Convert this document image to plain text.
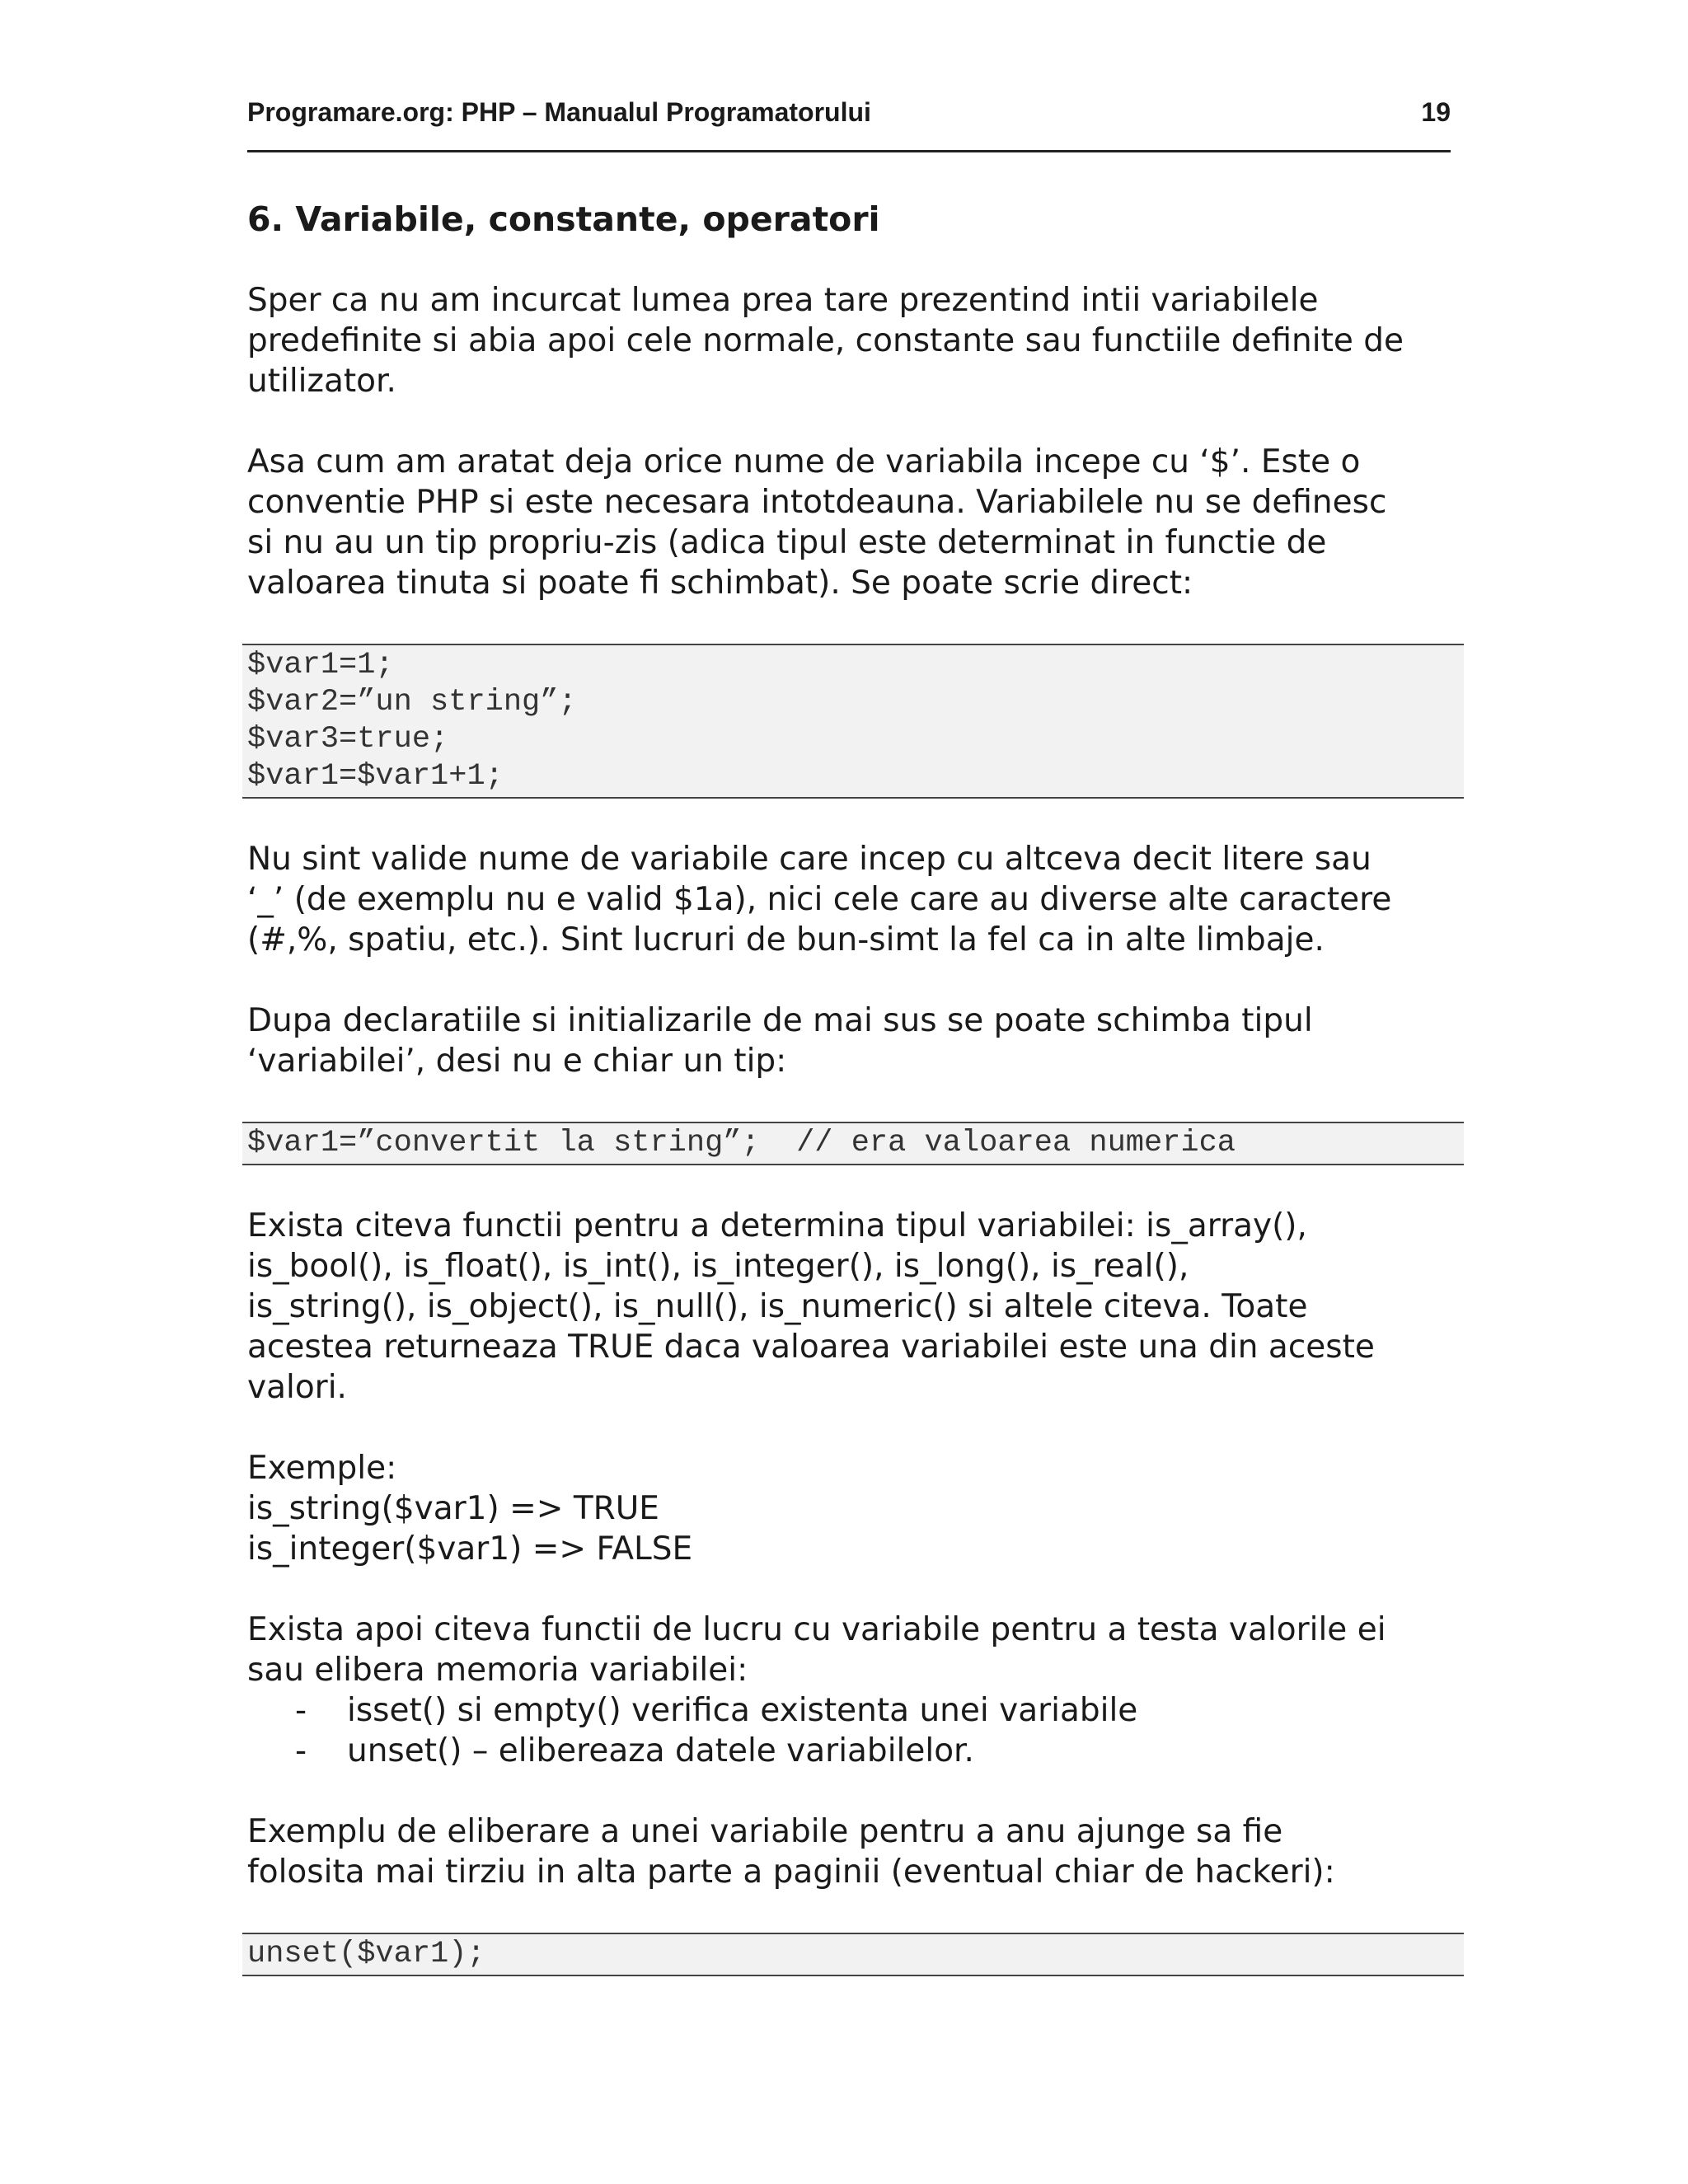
Programare.org: PHP – Manualul Programatorului	19
6. Variabile, constante, operatori

Sper ca nu am incurcat lumea prea tare prezentind intii variabilele
predefinite si abia apoi cele normale, constante sau functiile definite de
utilizator.

Asa cum am aratat deja orice nume de variabila incepe cu ‘$’. Este o
conventie PHP si este necesara intotdeauna. Variabilele nu se definesc
si nu au un tip propriu-zis (adica tipul este determinat in functie de
valoarea tinuta si poate fi schimbat). Se poate scrie direct:

$var1=1;
$var2=”un string”;
$var3=true;
$var1=$var1+1;

Nu sint valide nume de variabile care incep cu altceva decit litere sau
‘_’ (de exemplu nu e valid $1a), nici cele care au diverse alte caractere
(#,%, spatiu, etc.). Sint lucruri de bun-simt la fel ca in alte limbaje.

Dupa declaratiile si initializarile de mai sus se poate schimba tipul
‘variabilei’, desi nu e chiar un tip:

$var1=”convertit la string”;  // era valoarea numerica

Exista citeva functii pentru a determina tipul variabilei: is_array(),
is_bool(), is_float(), is_int(), is_integer(), is_long(), is_real(),
is_string(), is_object(), is_null(), is_numeric() si altele citeva. Toate
acestea returneaza TRUE daca valoarea variabilei este una din aceste
valori.

Exemple:
is_string($var1) => TRUE
is_integer($var1) => FALSE

Exista apoi citeva functii de lucru cu variabile pentru a testa valorile ei
sau elibera memoria variabilei:

- isset() si empty() verifica existenta unei variabile
- unset() – elibereaza datele variabilelor.

Exemplu de eliberare a unei variabile pentru a anu ajunge sa fie
folosita mai tirziu in alta parte a paginii (eventual chiar de hackeri):

unset($var1);
